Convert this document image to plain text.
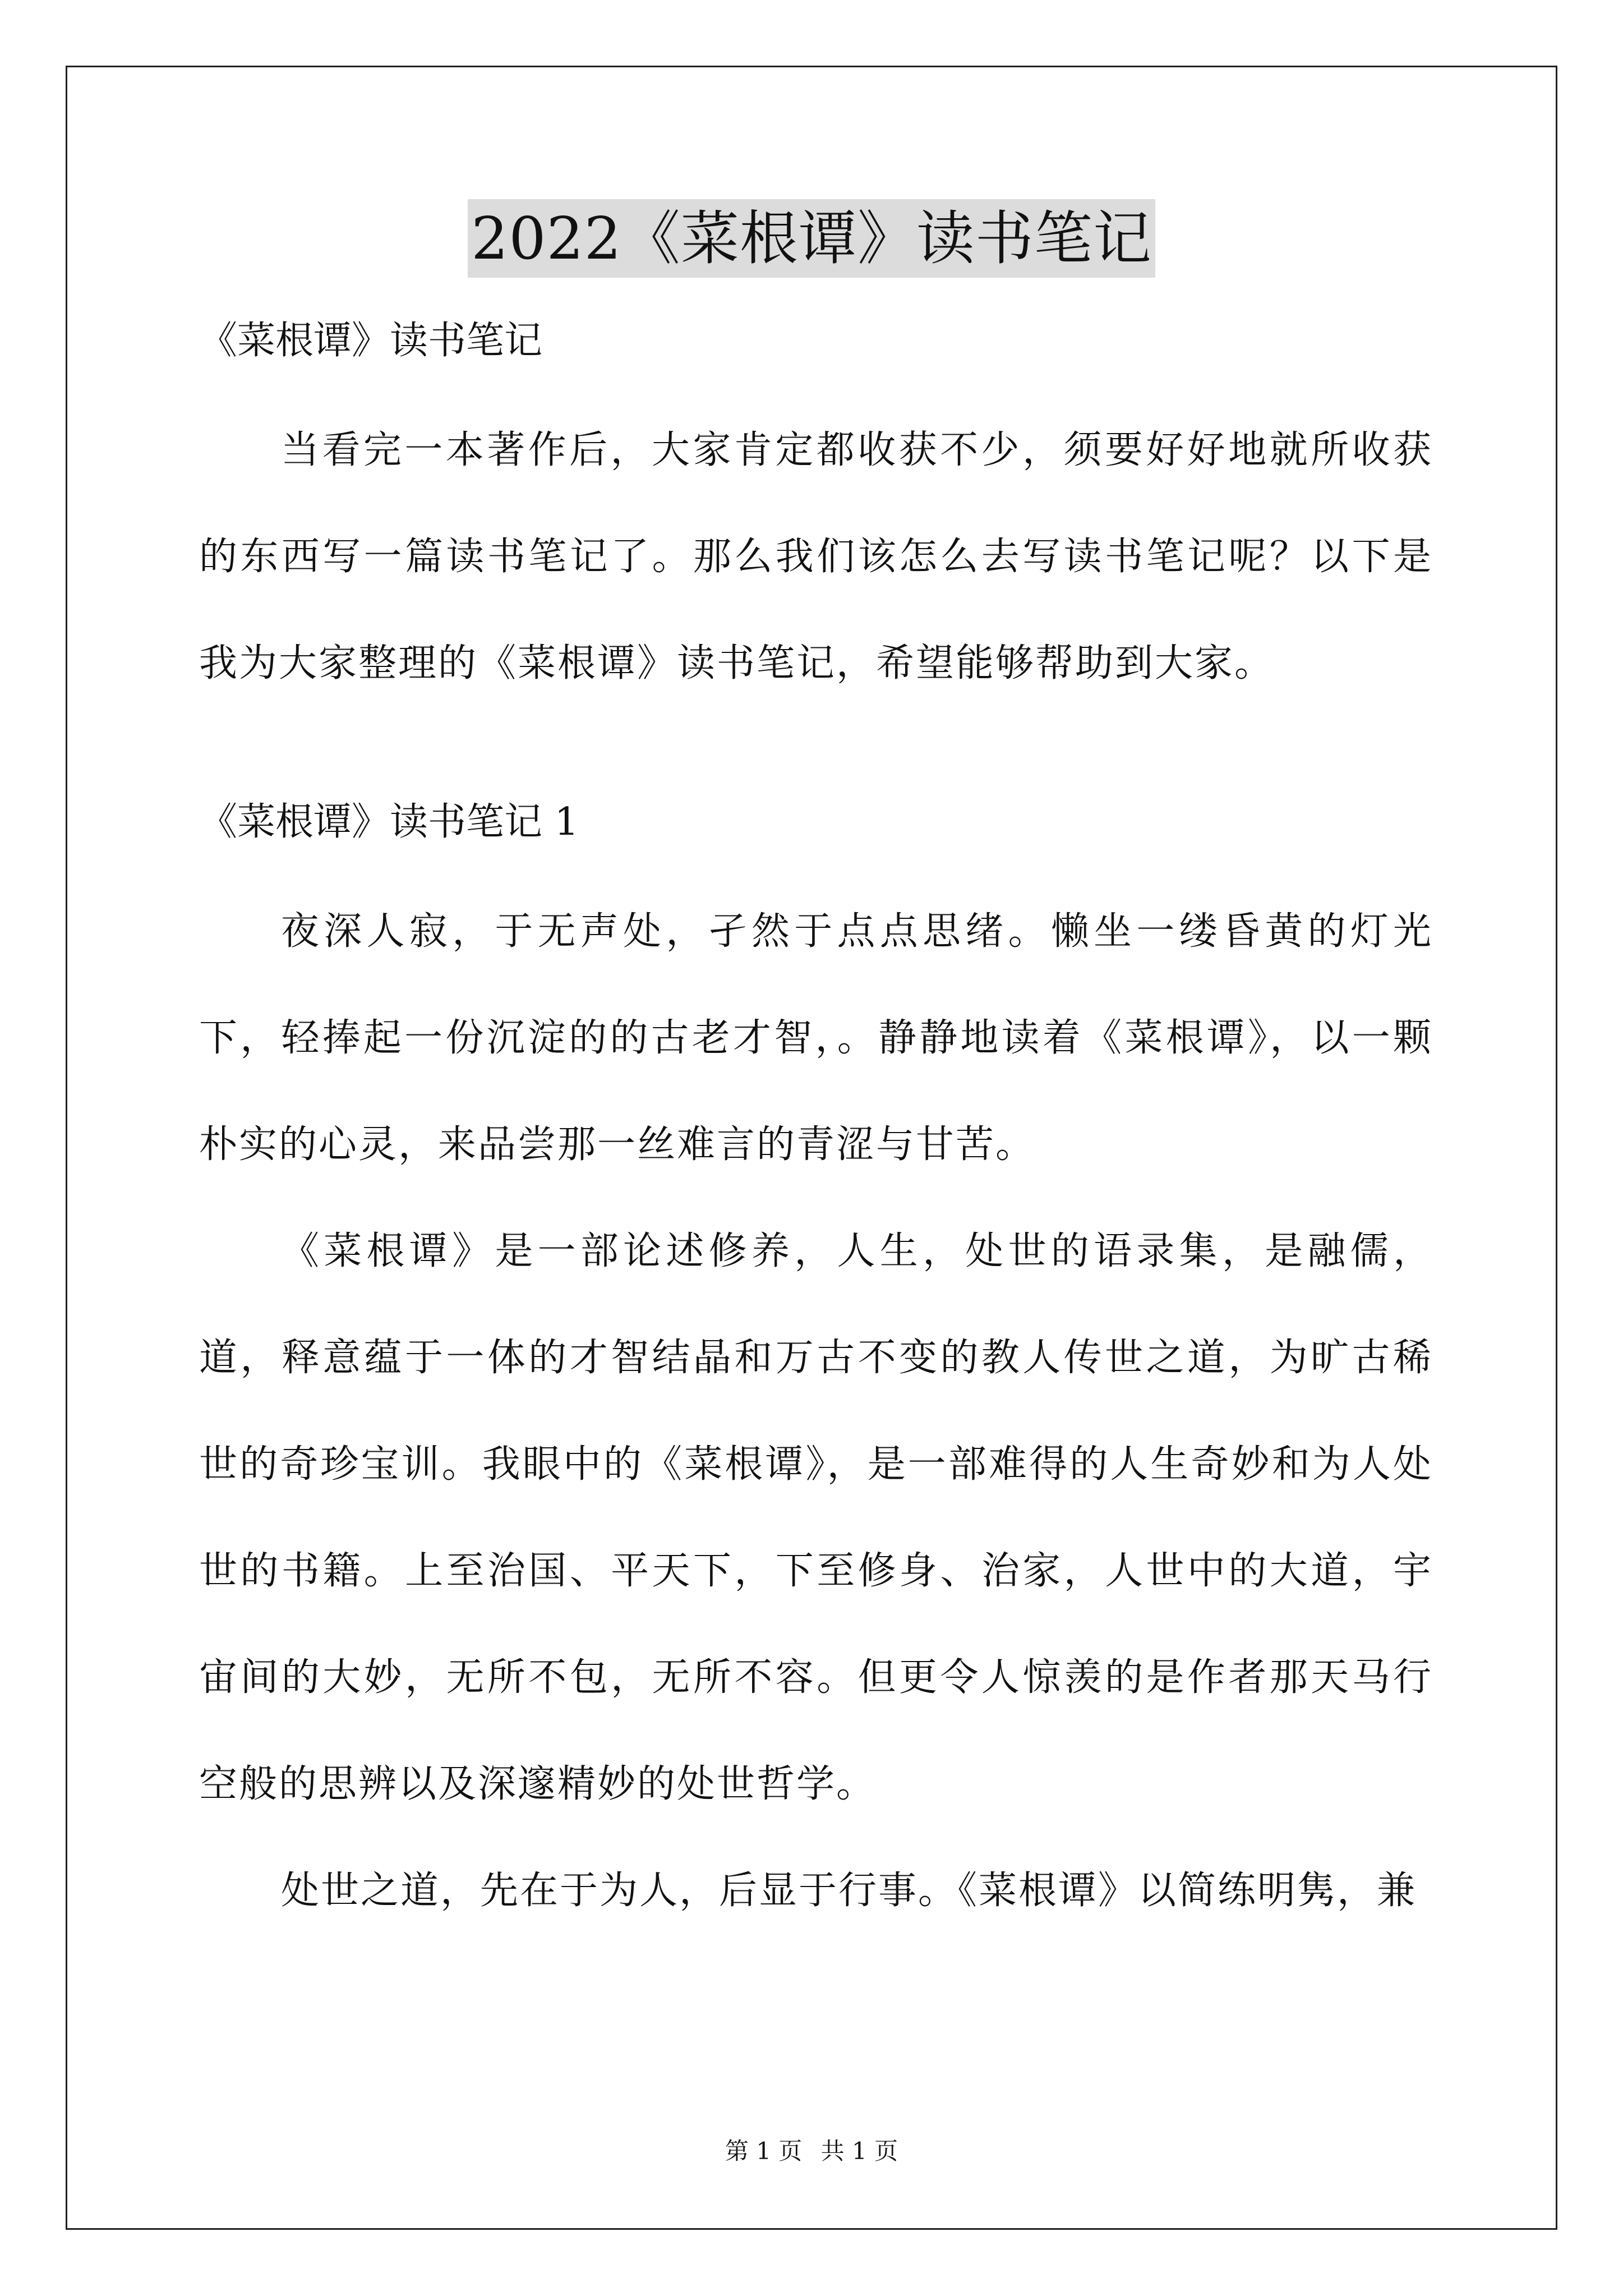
2022《菜根谭》读书笔记

《菜根谭》读书笔记

当看完一本著作后，大家肯定都收获不少，须要好好地就所收获的东西写一篇读书笔记了。那么我们该怎么去写读书笔记呢？以下是我为大家整理的《菜根谭》读书笔记，希望能够帮助到大家。

《菜根谭》读书笔记 1

夜深人寂，于无声处，孑然于点点思绪。懒坐一缕昏黄的灯光下，轻捧起一份沉淀的的古老才智，。静静地读着《菜根谭》，以一颗朴实的心灵，来品尝那一丝难言的青涩与甘苦。

《菜根谭》是一部论述修养，人生，处世的语录集，是融儒，道，释意蕴于一体的才智结晶和万古不变的教人传世之道，为旷古稀世的奇珍宝训。我眼中的《菜根谭》，是一部难得的人生奇妙和为人处世的书籍。上至治国、平天下，下至修身、治家，人世中的大道，宇宙间的大妙，无所不包，无所不容。但更令人惊羡的是作者那天马行空般的思辨以及深邃精妙的处世哲学。

处世之道，先在于为人，后显于行事。《菜根谭》以简练明隽，兼

第 1 页 共 1 页
